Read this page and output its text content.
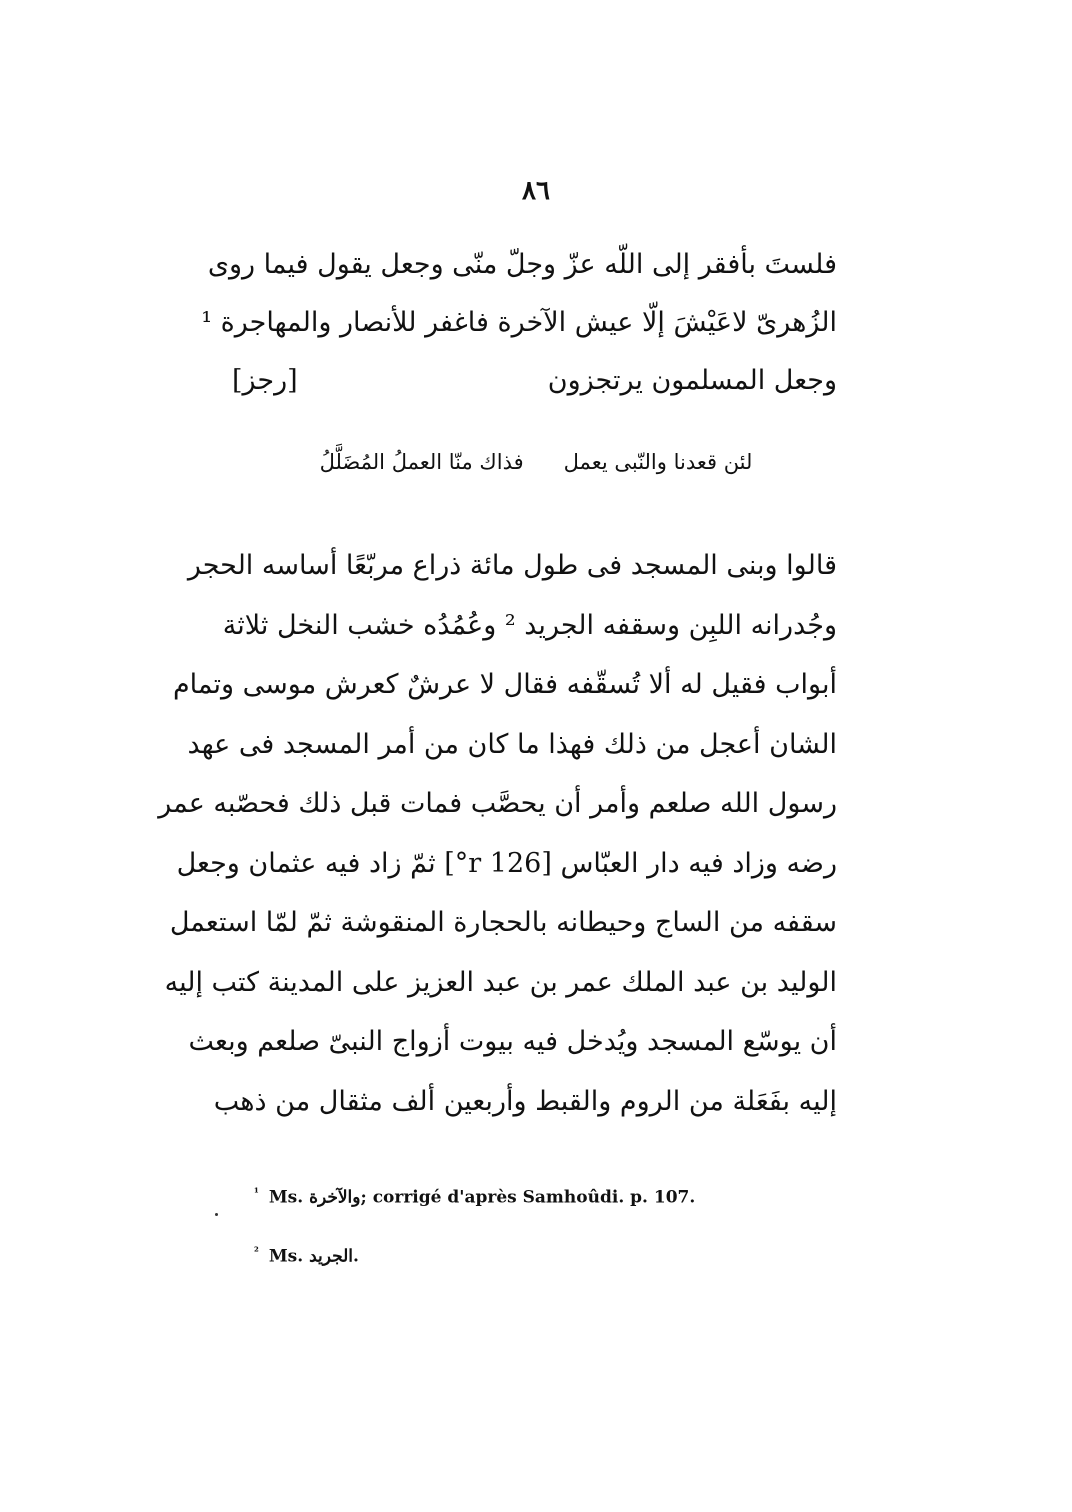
٨٦
فلستَ بأفقر إلى اللّه عزّ وجلّ منّى وجعل يقول فيما روى
الزُهرىّ لاعَيْشَ إلّا عيش الآخرة فاغفر للأنصار والمهاجرة ¹
وجعل المسلمون يرتجزون
[رجز]
لئن قعدنا والنّبى يعمل
فذاك منّا العملُ المُضَلَّلُ
قالوا وبنى المسجد فى طول مائة ذراع مربّعًا أساسه الحجر
وجُدرانه اللبِن وسقفه الجريد ² وعُمُدُه خشب النخل ثلاثة
أبواب فقيل له ألا تُسقّفه فقال لا عرشٌ كعرش موسى وتمام
الشان أعجل من ذلك فهذا ما كان من أمر المسجد فى عهد
رسول الله صلعم وأمر أن يحصَّب فمات قبل ذلك فحصّبه عمر
رضه وزاد فيه دار العبّاس [126 r°] ثمّ زاد فيه عثمان وجعل
سقفه من الساج وحيطانه بالحجارة المنقوشة ثمّ لمّا استعمل
الوليد بن عبد الملك عمر بن عبد العزيز على المدينة كتب إليه
أن يوسّع المسجد ويُدخل فيه بيوت أزواج النبىّ صلعم وبعث
إليه بفَعَلة من الروم والقبط وأربعين ألف مثقال من ذهب
$^{^1}$ Ms. والآخرة; corrigé d'après Samhoûdi. p. 107.
$^{^2}$ Ms. الجريد.
